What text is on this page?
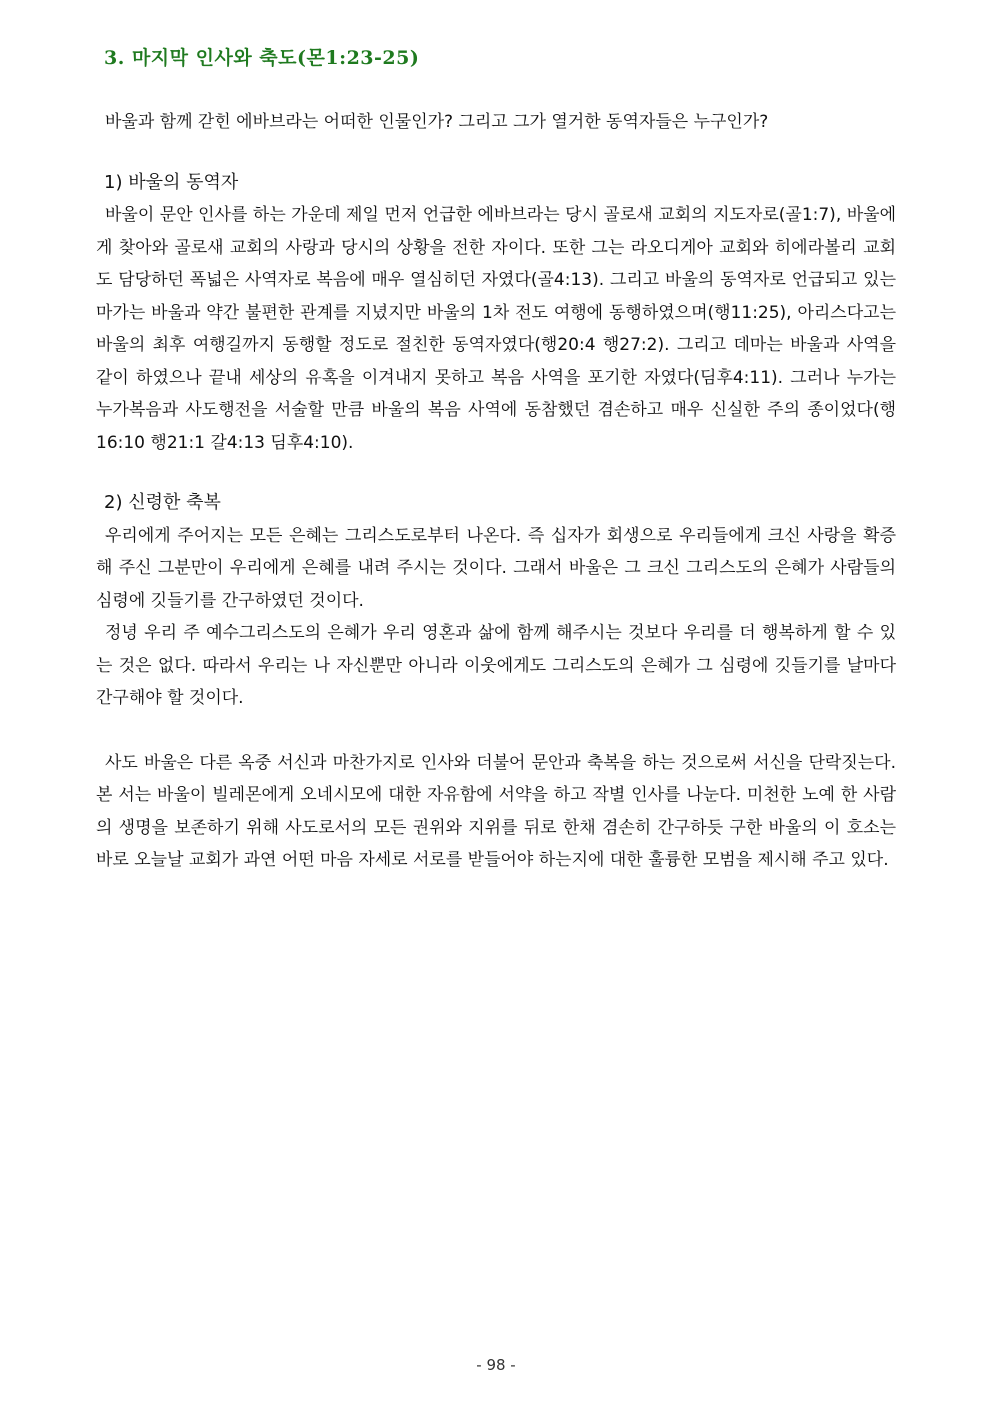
3. 마지막 인사와 축도(몬1:23-25)

바울과 함께 갇힌 에바브라는 어떠한 인물인가? 그리고 그가 열거한 동역자들은 누구인가?

1) 바울의 동역자

바울이 문안 인사를 하는 가운데 제일 먼저 언급한 에바브라는 당시 골로새 교회의 지도자로(골1:7), 바울에게 찾아와 골로새 교회의 사랑과 당시의 상황을 전한 자이다. 또한 그는 라오디게아 교회와 히에라볼리 교회도 담당하던 폭넓은 사역자로 복음에 매우 열심히던 자였다(골4:13). 그리고 바울의 동역자로 언급되고 있는 마가는 바울과 약간 불편한 관계를 지녔지만 바울의 1차 전도 여행에 동행하였으며(행11:25), 아리스다고는 바울의 최후 여행길까지 동행할 정도로 절친한 동역자였다(행20:4 행27:2). 그리고 데마는 바울과 사역을 같이 하였으나 끝내 세상의 유혹을 이겨내지 못하고 복음 사역을 포기한 자였다(딤후4:11). 그러나 누가는 누가복음과 사도행전을 서술할 만큼 바울의 복음 사역에 동참했던 겸손하고 매우 신실한 주의 종이었다(행16:10 행21:1 갈4:13 딤후4:10).

2) 신령한 축복

우리에게 주어지는 모든 은혜는 그리스도로부터 나온다. 즉 십자가 회생으로 우리들에게 크신 사랑을 확증해 주신 그분만이 우리에게 은혜를 내려 주시는 것이다. 그래서 바울은 그 크신 그리스도의 은혜가 사람들의 심령에 깃들기를 간구하였던 것이다.

정녕 우리 주 예수그리스도의 은혜가 우리 영혼과 삶에 함께 해주시는 것보다 우리를 더 행복하게 할 수 있는 것은 없다. 따라서 우리는 나 자신뿐만 아니라 이웃에게도 그리스도의 은혜가 그 심령에 깃들기를 날마다 간구해야 할 것이다.

사도 바울은 다른 옥중 서신과 마찬가지로 인사와 더불어 문안과 축복을 하는 것으로써 서신을 단락짓는다. 본 서는 바울이 빌레몬에게 오네시모에 대한 자유함에 서약을 하고 작별 인사를 나눈다. 미천한 노예 한 사람의 생명을 보존하기 위해 사도로서의 모든 권위와 지위를 뒤로 한채 겸손히 간구하듯 구한 바울의 이 호소는 바로 오늘날 교회가 과연 어떤 마음 자세로 서로를 받들어야 하는지에 대한 훌륭한 모범을 제시해 주고 있다.

- 98 -
